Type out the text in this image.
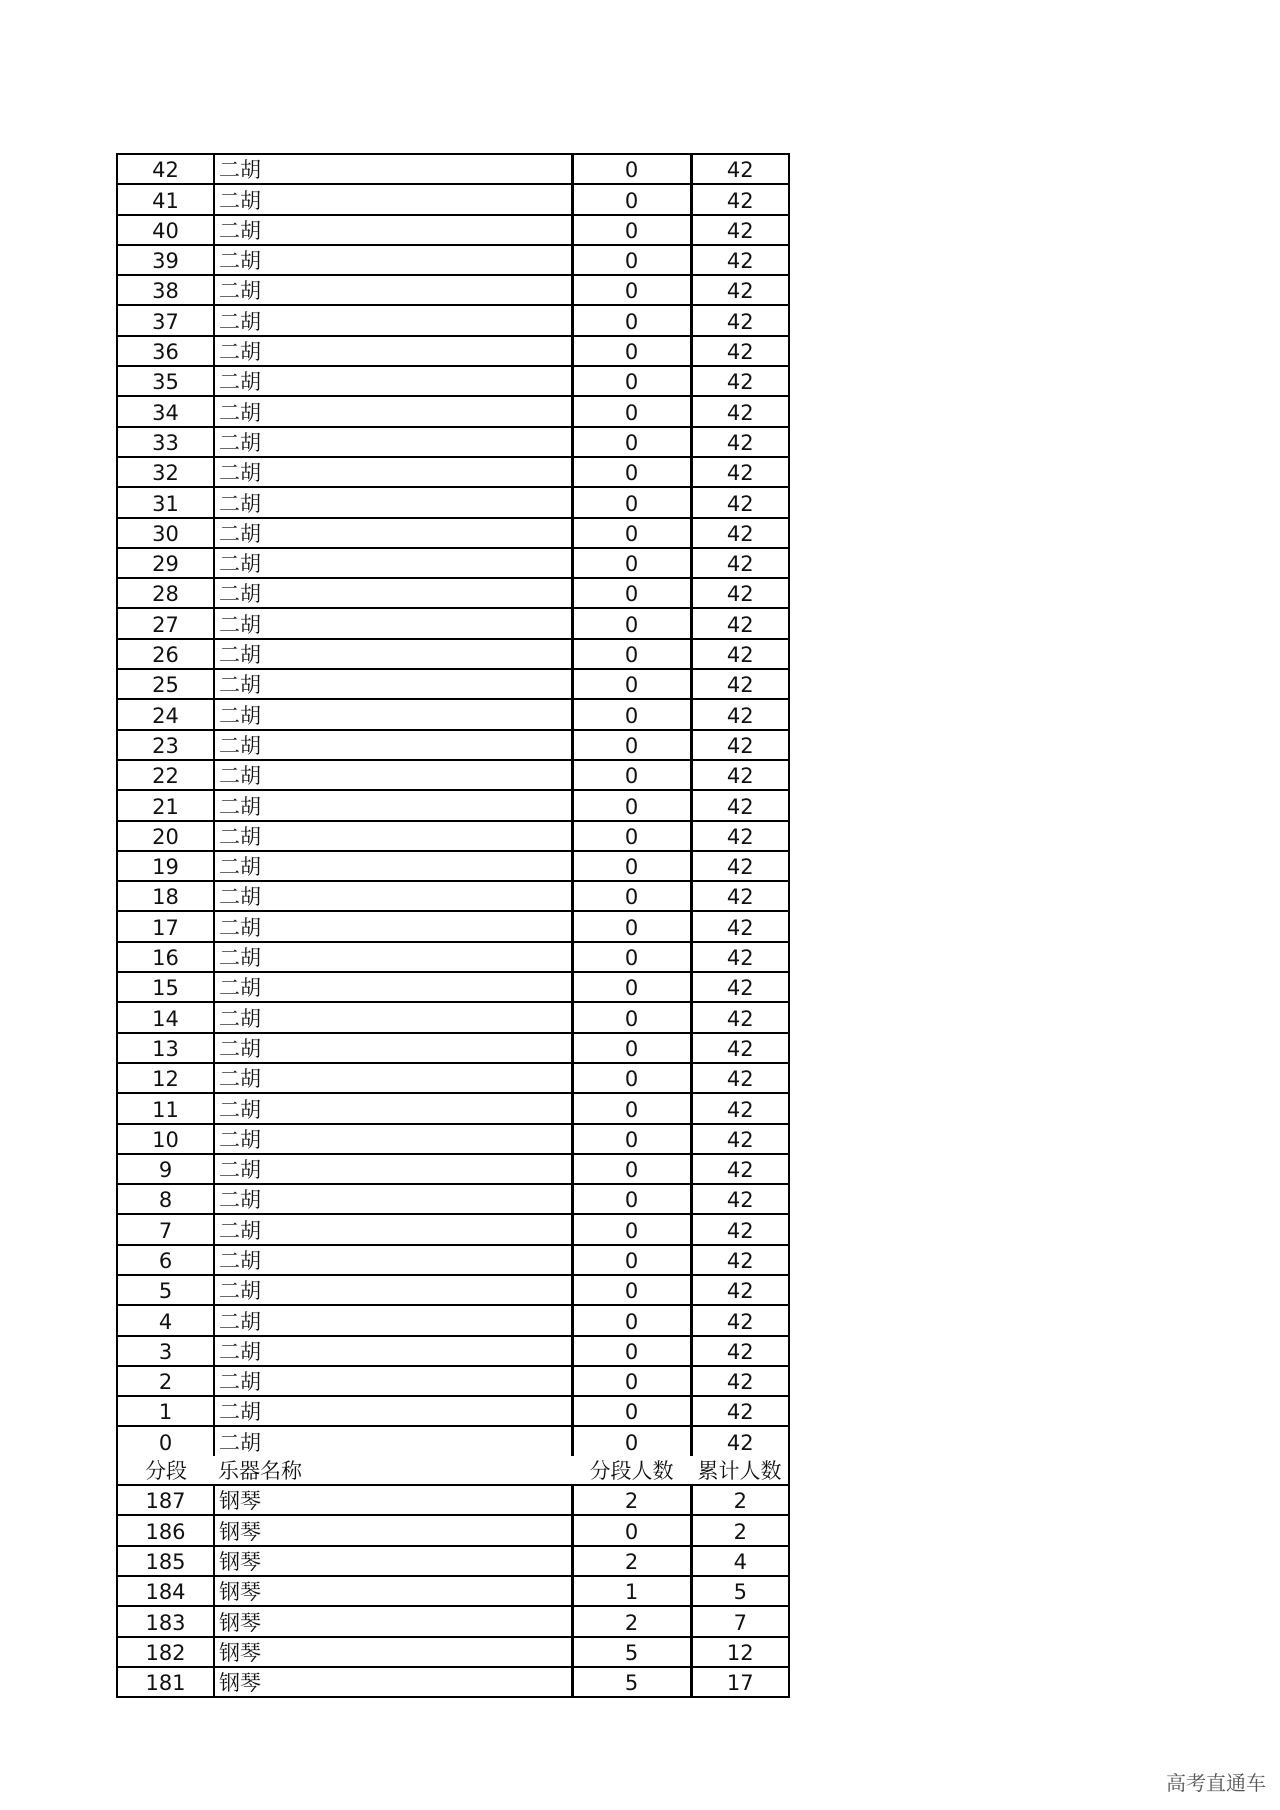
42	二胡	0	42
41	二胡	0	42
40	二胡	0	42
39	二胡	0	42
38	二胡	0	42
37	二胡	0	42
36	二胡	0	42
35	二胡	0	42
34	二胡	0	42
33	二胡	0	42
32	二胡	0	42
31	二胡	0	42
30	二胡	0	42
29	二胡	0	42
28	二胡	0	42
27	二胡	0	42
26	二胡	0	42
25	二胡	0	42
24	二胡	0	42
23	二胡	0	42
22	二胡	0	42
21	二胡	0	42
20	二胡	0	42
19	二胡	0	42
18	二胡	0	42
17	二胡	0	42
16	二胡	0	42
15	二胡	0	42
14	二胡	0	42
13	二胡	0	42
12	二胡	0	42
11	二胡	0	42
10	二胡	0	42
9	二胡	0	42
8	二胡	0	42
7	二胡	0	42
6	二胡	0	42
5	二胡	0	42
4	二胡	0	42
3	二胡	0	42
2	二胡	0	42
1	二胡	0	42
0	二胡	0	42
分段	乐器名称	分段人数	累计人数
187	钢琴	2	2
186	钢琴	0	2
185	钢琴	2	4
184	钢琴	1	5
183	钢琴	2	7
182	钢琴	5	12
181	钢琴	5	17
高考直通车
